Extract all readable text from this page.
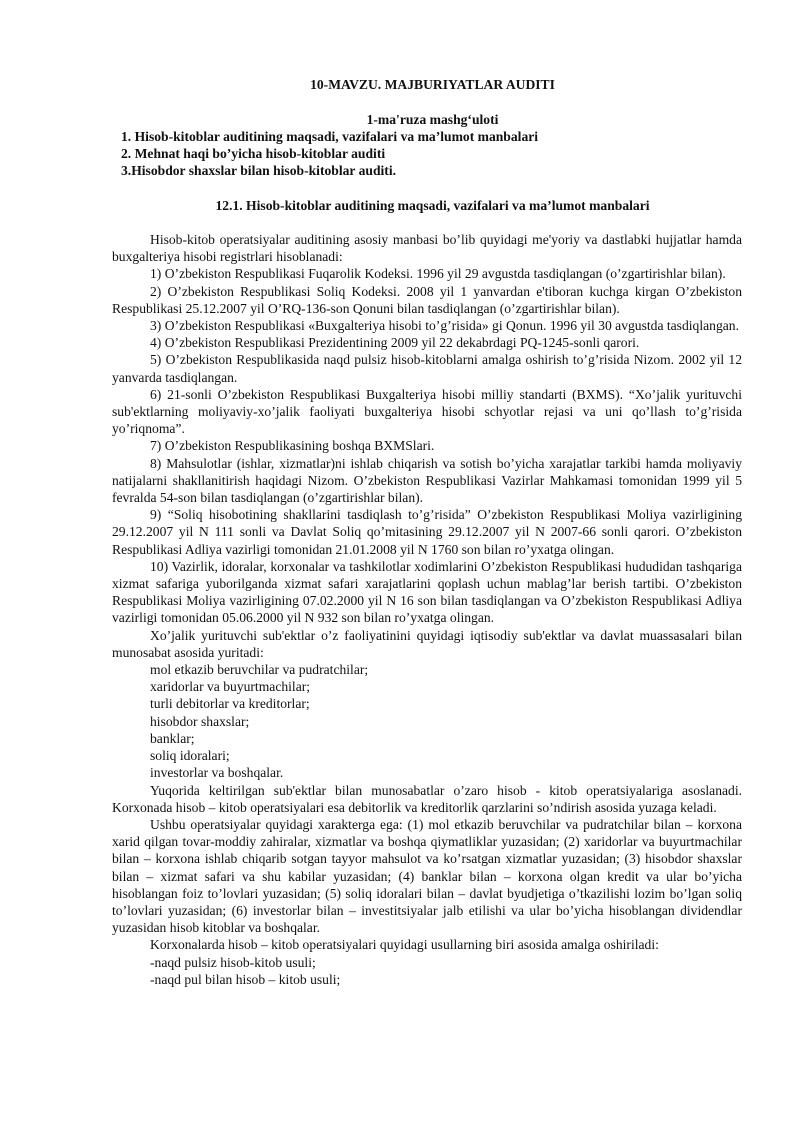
10-MAVZU. MAJBURIYATLAR AUDITI
1-ma'ruza mashg‘uloti
1. Hisob-kitoblar auditining maqsadi, vazifalari va ma’lumot manbalari
2. Mehnat haqi bo’yicha hisob-kitoblar auditi
3.Hisobdor shaxslar bilan hisob-kitoblar auditi.
12.1. Hisob-kitoblar auditining maqsadi, vazifalari va ma’lumot manbalari

Hisob-kitob operatsiyalar auditining asosiy manbasi bo’lib quyidagi me'yoriy va dastlabki hujjatlar hamda buxgalteriya hisobi registrlari hisoblanadi:

1) O’zbekiston Respublikasi Fuqarolik Kodeksi. 1996 yil 29 avgustda tasdiqlangan (o’zgartirishlar bilan).

2) O’zbekiston Respublikasi Soliq Kodeksi. 2008 yil 1 yanvardan e'tiboran kuchga kirgan O’zbekiston Respublikasi 25.12.2007 yil O’RQ-136-son Qonuni bilan tasdiqlangan (o’zgartirishlar bilan).

3) O’zbekiston Respublikasi «Buxgalteriya hisobi to’g’risida» gi Qonun. 1996 yil 30 avgustda tasdiqlangan.

4) O’zbekiston Respublikasi Prezidentining 2009 yil 22 dekabrdagi PQ-1245-sonli qarori.

5) O’zbekiston Respublikasida naqd pulsiz hisob-kitoblarni amalga oshirish to’g’risida Nizom. 2002 yil 12 yanvarda tasdiqlangan.

6) 21-sonli O’zbekiston Respublikasi Buxgalteriya hisobi milliy standarti (BXMS). “Xo’jalik yurituvchi sub'ektlarning moliyaviy-xo’jalik faoliyati buxgalteriya hisobi schyotlar rejasi va uni qo’llash to’g’risida yo’riqnoma”.

7) O’zbekiston Respublikasining boshqa BXMSlari.

8) Mahsulotlar (ishlar, xizmatlar)ni ishlab chiqarish va sotish bo’yicha xarajatlar tarkibi hamda moliyaviy natijalarni shakllanitirish haqidagi Nizom. O’zbekiston Respublikasi Vazirlar Mahkamasi tomonidan 1999 yil 5 fevralda 54-son bilan tasdiqlangan (o’zgartirishlar bilan).

9) “Soliq hisobotining shakllarini tasdiqlash to’g’risida” O’zbekiston Respublikasi Moliya vazirligining 29.12.2007 yil N 111 sonli va Davlat Soliq qo’mitasining 29.12.2007 yil N 2007-66 sonli qarori. O’zbekiston Respublikasi Adliya vazirligi tomonidan 21.01.2008 yil N 1760 son bilan ro’yxatga olingan.

10) Vazirlik, idoralar, korxonalar va tashkilotlar xodimlarini O’zbekiston Respublikasi hududidan tashqariga xizmat safariga yuborilganda xizmat safari xarajatlarini qoplash uchun mablag’lar berish tartibi. O’zbekiston Respublikasi Moliya vazirligining 07.02.2000 yil N 16 son bilan tasdiqlangan va O’zbekiston Respublikasi Adliya vazirligi tomonidan 05.06.2000 yil N 932 son bilan ro’yxatga olingan.

Xo’jalik yurituvchi sub'ektlar o’z faoliyatinini quyidagi iqtisodiy sub'ektlar va davlat muassasalari bilan munosabat asosida yuritadi:

mol etkazib beruvchilar va pudratchilar;
xaridorlar va buyurtmachilar;
turli debitorlar va kreditorlar;
hisobdor shaxslar;
banklar;
soliq idoralari;
investorlar va boshqalar.

Yuqorida keltirilgan sub'ektlar bilan munosabatlar o’zaro hisob - kitob operatsiyalariga asoslanadi. Korxonada hisob – kitob operatsiyalari esa debitorlik va kreditorlik qarzlarini so’ndirish asosida yuzaga keladi.

Ushbu operatsiyalar quyidagi xarakterga ega: (1) mol etkazib beruvchilar va pudratchilar bilan – korxona xarid qilgan tovar-moddiy zahiralar, xizmatlar va boshqa qiymatliklar yuzasidan; (2) xaridorlar va buyurtmachilar bilan – korxona ishlab chiqarib sotgan tayyor mahsulot va ko’rsatgan xizmatlar yuzasidan; (3) hisobdor shaxslar bilan – xizmat safari va shu kabilar yuzasidan; (4) banklar bilan – korxona olgan kredit va ular bo’yicha hisoblangan foiz to’lovlari yuzasidan; (5) soliq idoralari bilan – davlat byudjetiga o’tkazilishi lozim bo’lgan soliq to’lovlari yuzasidan; (6) investorlar bilan – investitsiyalar jalb etilishi va ular bo’yicha hisoblangan dividendlar yuzasidan hisob kitoblar va boshqalar.

Korxonalarda hisob – kitob operatsiyalari quyidagi usullarning biri asosida amalga oshiriladi:

-naqd pulsiz hisob-kitob usuli;
-naqd pul bilan hisob – kitob usuli;
